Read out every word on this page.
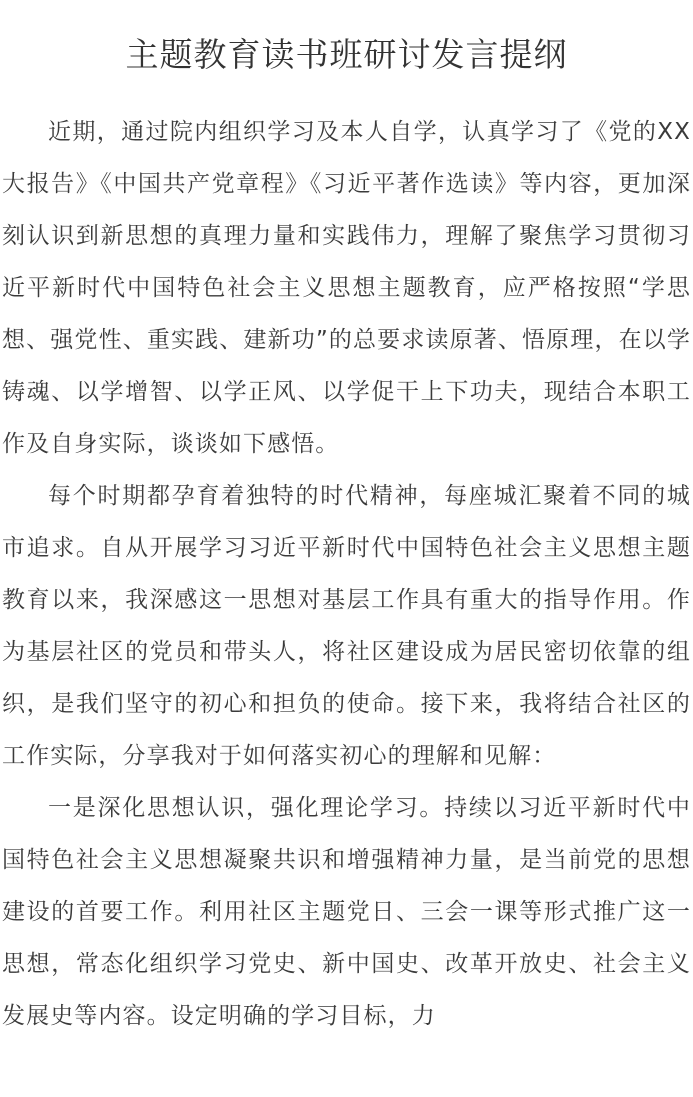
主题教育读书班研讨发言提纲

近期，通过院内组织学习及本人自学，认真学习了《党的XX大报告》《中国共产党章程》《习近平著作选读》等内容，更加深刻认识到新思想的真理力量和实践伟力，理解了聚焦学习贯彻习近平新时代中国特色社会主义思想主题教育，应严格按照“学思想、强党性、重实践、建新功”的总要求读原著、悟原理，在以学铸魂、以学增智、以学正风、以学促干上下功夫，现结合本职工作及自身实际，谈谈如下感悟。

每个时期都孕育着独特的时代精神，每座城汇聚着不同的城市追求。自从开展学习习近平新时代中国特色社会主义思想主题教育以来，我深感这一思想对基层工作具有重大的指导作用。作为基层社区的党员和带头人，将社区建设成为居民密切依靠的组织，是我们坚守的初心和担负的使命。接下来，我将结合社区的工作实际，分享我对于如何落实初心的理解和见解：

一是深化思想认识，强化理论学习。持续以习近平新时代中国特色社会主义思想凝聚共识和增强精神力量，是当前党的思想建设的首要工作。利用社区主题党日、三会一课等形式推广这一思想，常态化组织学习党史、新中国史、改革开放史、社会主义发展史等内容。设定明确的学习目标，力
